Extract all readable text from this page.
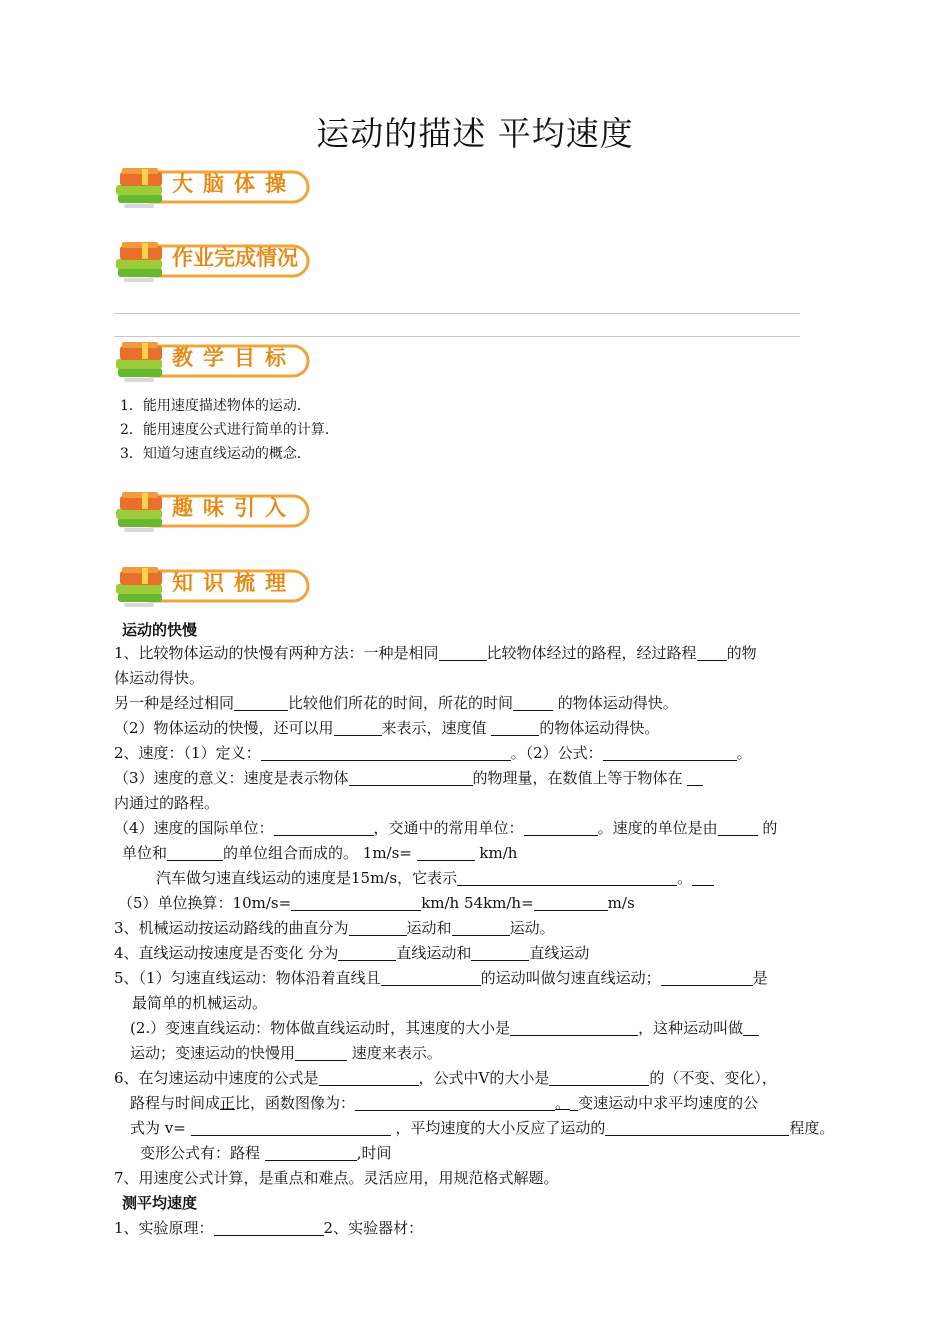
运动的描述 平均速度
大脑体操
作业完成情况
教学目标
1．能用速度描述物体的运动．
2．能用速度公式进行简单的计算．
3．知道匀速直线运动的概念．
趣味引入
知识梳理
运动的快慢
1、比较物体运动的快慢有两种方法：一种是相同	比较物体经过的路程，经过路程 的物
体运动得快。
另一种是经过相同	比较他们所花的时间，所花的时间	的物体运动得快。
（2）物体运动的快慢，还可以用	来表示，速度值	的物体运动得快。
2、速度：（1）定义：	。（2）公式：	。
（3）速度的意义：速度是表示物体	的物理量，在数值上等于物体在
内通过的路程。
（4）速度的国际单位：	，交通中的常用单位：	。速度的单位是由	的
单位和	的单位组合而成的。 1m/s=	km/h
汽车做匀速直线运动的速度是15m/s，它表示	。
（5）单位换算：10m/s=	km/h 54km/h=	m/s
3、机械运动按运动路线的曲直分为	运动和	运动。
4、直线运动按速度是否变化 分为	直线运动和	直线运动
5、（1）匀速直线运动：物体沿着直线且	的运动叫做匀速直线运动；	是
最简单的机械运动。
(2.）变速直线运动：物体做直线运动时，其速度的大小是	，这种运动叫做
运动；变速运动的快慢用	速度来表示。
6、在匀速运动中速度的公式是	，公式中V的大小是	的（不变、变化），
路程与时间成正比，函数图像为：	。 变速运动中求平均速度的公
式为 v=	，平均速度的大小反应了运动的	程度。
变形公式有：路程	,时间
7、用速度公式计算，是重点和难点。灵活应用，用规范格式解题。
测平均速度
1、实验原理：	2、实验器材：
